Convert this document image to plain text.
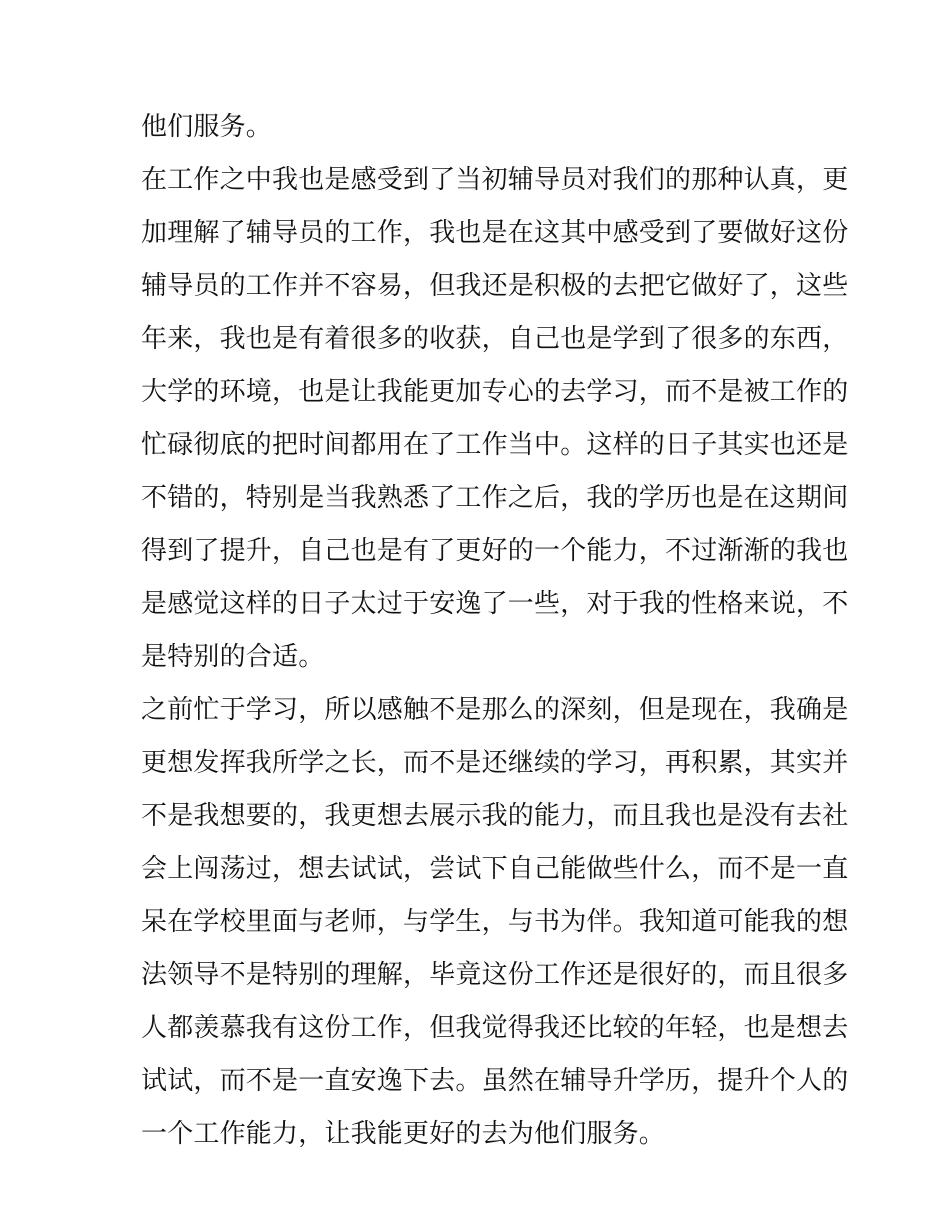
他们服务。
在工作之中我也是感受到了当初辅导员对我们的那种认真，更
加理解了辅导员的工作，我也是在这其中感受到了要做好这份
辅导员的工作并不容易，但我还是积极的去把它做好了，这些
年来，我也是有着很多的收获，自己也是学到了很多的东西，
大学的环境，也是让我能更加专心的去学习，而不是被工作的
忙碌彻底的把时间都用在了工作当中。这样的日子其实也还是
不错的，特别是当我熟悉了工作之后，我的学历也是在这期间
得到了提升，自己也是有了更好的一个能力，不过渐渐的我也
是感觉这样的日子太过于安逸了一些，对于我的性格来说，不
是特别的合适。
之前忙于学习，所以感触不是那么的深刻，但是现在，我确是
更想发挥我所学之长，而不是还继续的学习，再积累，其实并
不是我想要的，我更想去展示我的能力，而且我也是没有去社
会上闯荡过，想去试试，尝试下自己能做些什么，而不是一直
呆在学校里面与老师，与学生，与书为伴。我知道可能我的想
法领导不是特别的理解，毕竟这份工作还是很好的，而且很多
人都羡慕我有这份工作，但我觉得我还比较的年轻，也是想去
试试，而不是一直安逸下去。虽然在辅导升学历，提升个人的
一个工作能力，让我能更好的去为他们服务。
